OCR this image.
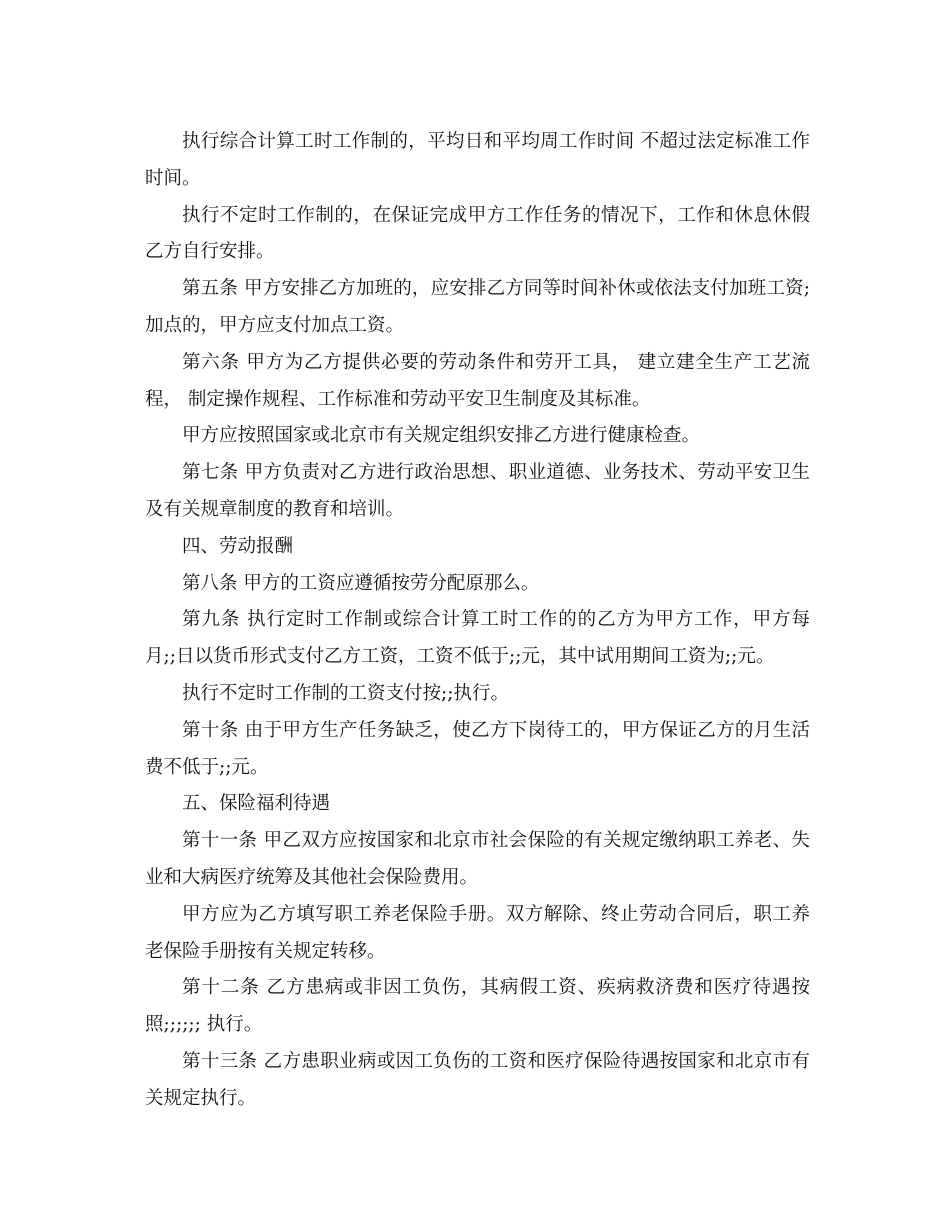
执行综合计算工时工作制的，平均日和平均周工作时间 不超过法定标准工作时间。

执行不定时工作制的，在保证完成甲方工作任务的情况下，工作和休息休假乙方自行安排。

第五条 甲方安排乙方加班的，应安排乙方同等时间补休或依法支付加班工资;加点的，甲方应支付加点工资。

第六条 甲方为乙方提供必要的劳动条件和劳开工具， 建立建全生产工艺流程， 制定操作规程、工作标准和劳动平安卫生制度及其标准。

甲方应按照国家或北京市有关规定组织安排乙方进行健康检查。

第七条 甲方负责对乙方进行政治思想、职业道德、业务技术、劳动平安卫生及有关规章制度的教育和培训。

四、劳动报酬

第八条 甲方的工资应遵循按劳分配原那么。

第九条 执行定时工作制或综合计算工时工作的的乙方为甲方工作，甲方每月;;日以货币形式支付乙方工资，工资不低于;;元，其中试用期间工资为;;元。

执行不定时工作制的工资支付按;;执行。

第十条 由于甲方生产任务缺乏，使乙方下岗待工的，甲方保证乙方的月生活费不低于;;元。

五、保险福利待遇

第十一条 甲乙双方应按国家和北京市社会保险的有关规定缴纳职工养老、失业和大病医疗统筹及其他社会保险费用。

甲方应为乙方填写职工养老保险手册。双方解除、终止劳动合同后，职工养老保险手册按有关规定转移。

第十二条 乙方患病或非因工负伤，其病假工资、疾病救济费和医疗待遇按照;;;;;; 执行。

第十三条 乙方患职业病或因工负伤的工资和医疗保险待遇按国家和北京市有关规定执行。
